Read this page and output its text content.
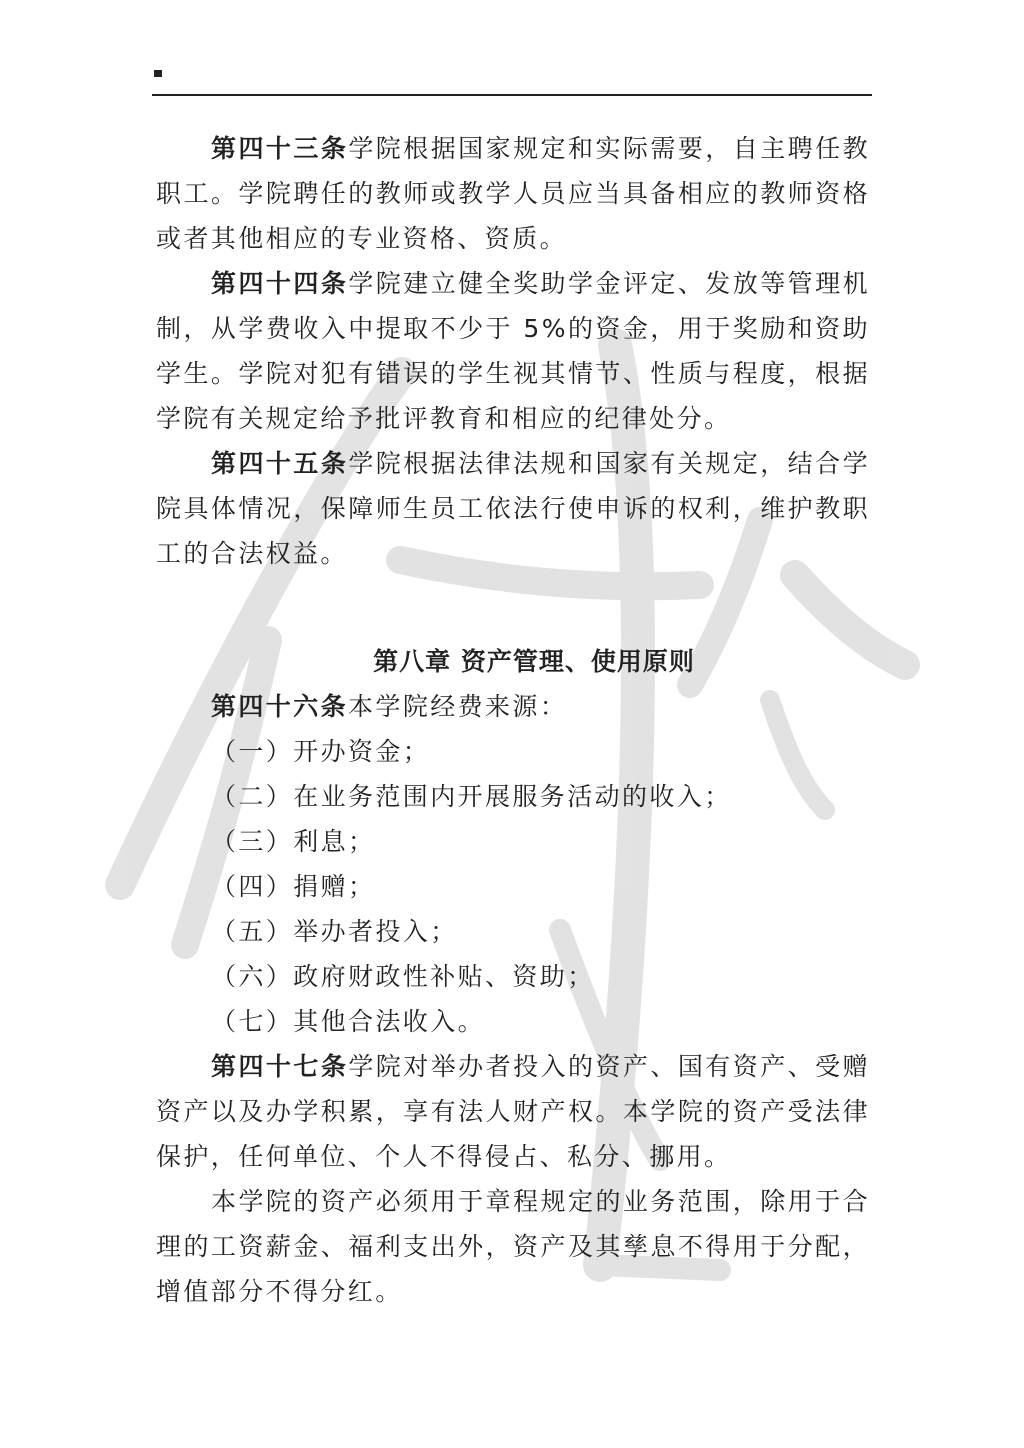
第四十三条学院根据国家规定和实际需要，自主聘任教职工。学院聘任的教师或教学人员应当具备相应的教师资格或者其他相应的专业资格、资质。

第四十四条学院建立健全奖助学金评定、发放等管理机制，从学费收入中提取不少于 5%的资金，用于奖励和资助学生。学院对犯有错误的学生视其情节、性质与程度，根据学院有关规定给予批评教育和相应的纪律处分。

第四十五条学院根据法律法规和国家有关规定，结合学院具体情况，保障师生员工依法行使申诉的权利，维护教职工的合法权益。

第八章 资产管理、使用原则

第四十六条本学院经费来源：

（一）开办资金；

（二）在业务范围内开展服务活动的收入；

（三）利息；

（四）捐赠；

（五）举办者投入；

（六）政府财政性补贴、资助；

（七）其他合法收入。

第四十七条学院对举办者投入的资产、国有资产、受赠资产以及办学积累，享有法人财产权。本学院的资产受法律保护，任何单位、个人不得侵占、私分、挪用。

本学院的资产必须用于章程规定的业务范围，除用于合理的工资薪金、福利支出外，资产及其孳息不得用于分配，增值部分不得分红。
